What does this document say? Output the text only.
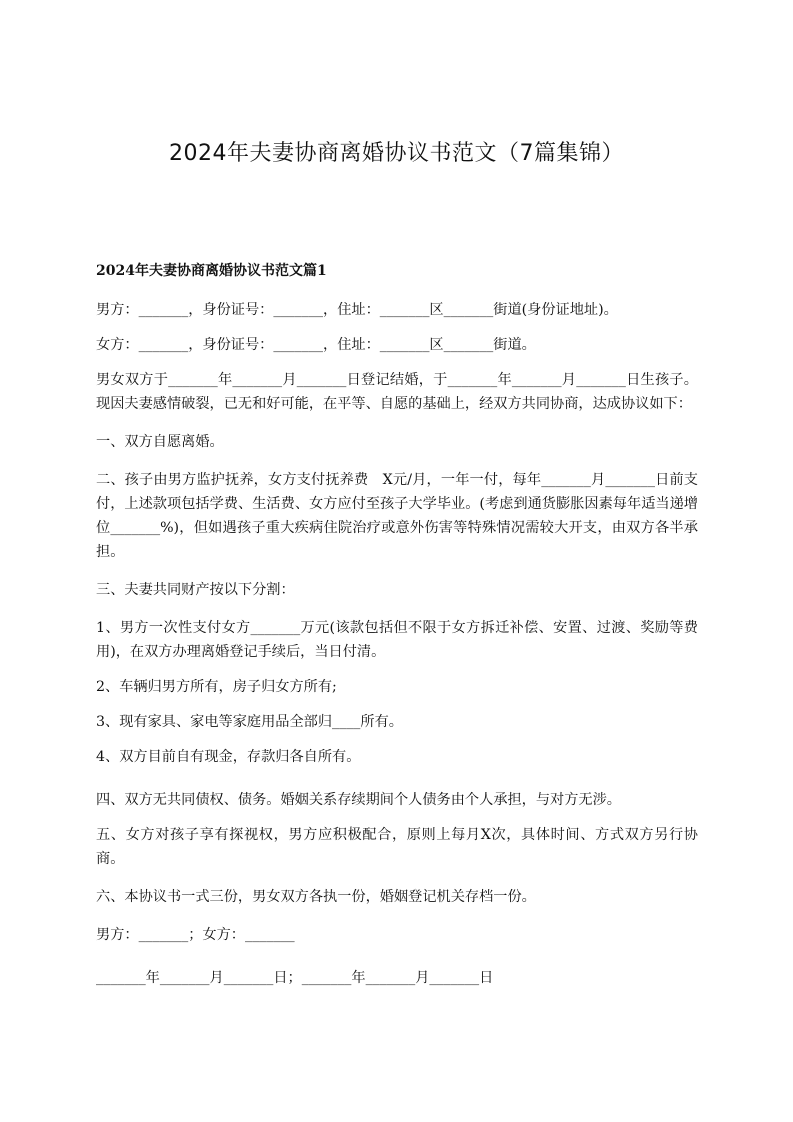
2024年夫妻协商离婚协议书范文（7篇集锦）
2024年夫妻协商离婚协议书范文篇1

男方：_______，身份证号：_______，住址：_______区_______街道(身份证地址)。

女方：_______，身份证号：_______，住址：_______区_______街道。

男女双方于_______年_______月_______日登记结婚，于_______年_______月_______日生孩子。现因夫妻感情破裂，已无和好可能，在平等、自愿的基础上，经双方共同协商，达成协议如下：

一、双方自愿离婚。

二、孩子由男方监护抚养，女方支付抚养费　X元/月，一年一付，每年_______月_______日前支付，上述款项包括学费、生活费、女方应付至孩子大学毕业。(考虑到通货膨胀因素每年适当递增位_______%)，但如遇孩子重大疾病住院治疗或意外伤害等特殊情况需较大开支，由双方各半承担。

三、夫妻共同财产按以下分割：

1、男方一次性支付女方_______万元(该款包括但不限于女方拆迁补偿、安置、过渡、奖励等费用)，在双方办理离婚登记手续后，当日付清。

2、车辆归男方所有，房子归女方所有;

3、现有家具、家电等家庭用品全部归____所有。

4、双方目前自有现金，存款归各自所有。

四、双方无共同债权、债务。婚姻关系存续期间个人债务由个人承担，与对方无涉。

五、女方对孩子享有探视权，男方应积极配合，原则上每月X次，具体时间、方式双方另行协商。

六、本协议书一式三份，男女双方各执一份，婚姻登记机关存档一份。

男方：_______；女方：_______

_______年_______月_______日；_______年_______月_______日
